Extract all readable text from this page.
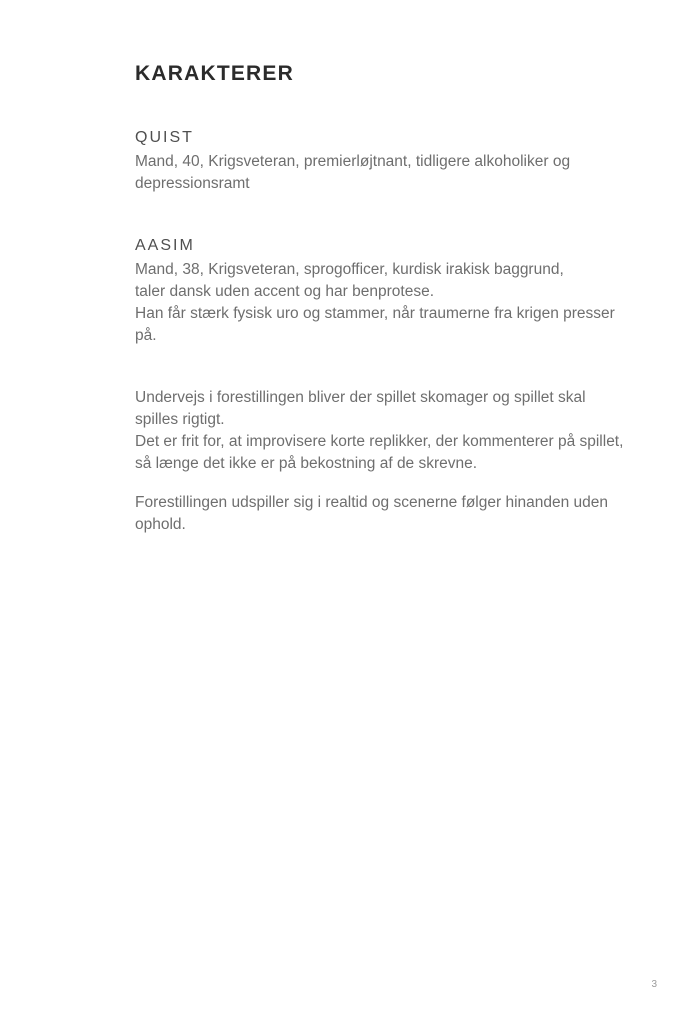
KARAKTERER
QUIST

Mand, 40, Krigsveteran, premierløjtnant, tidligere alkoholiker og

depressionsramt

AASIM

Mand, 38, Krigsveteran, sprogofficer, kurdisk irakisk baggrund,

taler dansk uden accent og har benprotese.

Han får stærk fysisk uro og stammer, når traumerne fra krigen presser på.

Undervejs i forestillingen bliver der spillet skomager og spillet skal

spilles rigtigt.

Det er frit for, at improvisere korte replikker, der kommenterer på spillet,

så længe det ikke er på bekostning af de skrevne.

Forestillingen udspiller sig i realtid og scenerne følger hinanden uden

ophold.

3
